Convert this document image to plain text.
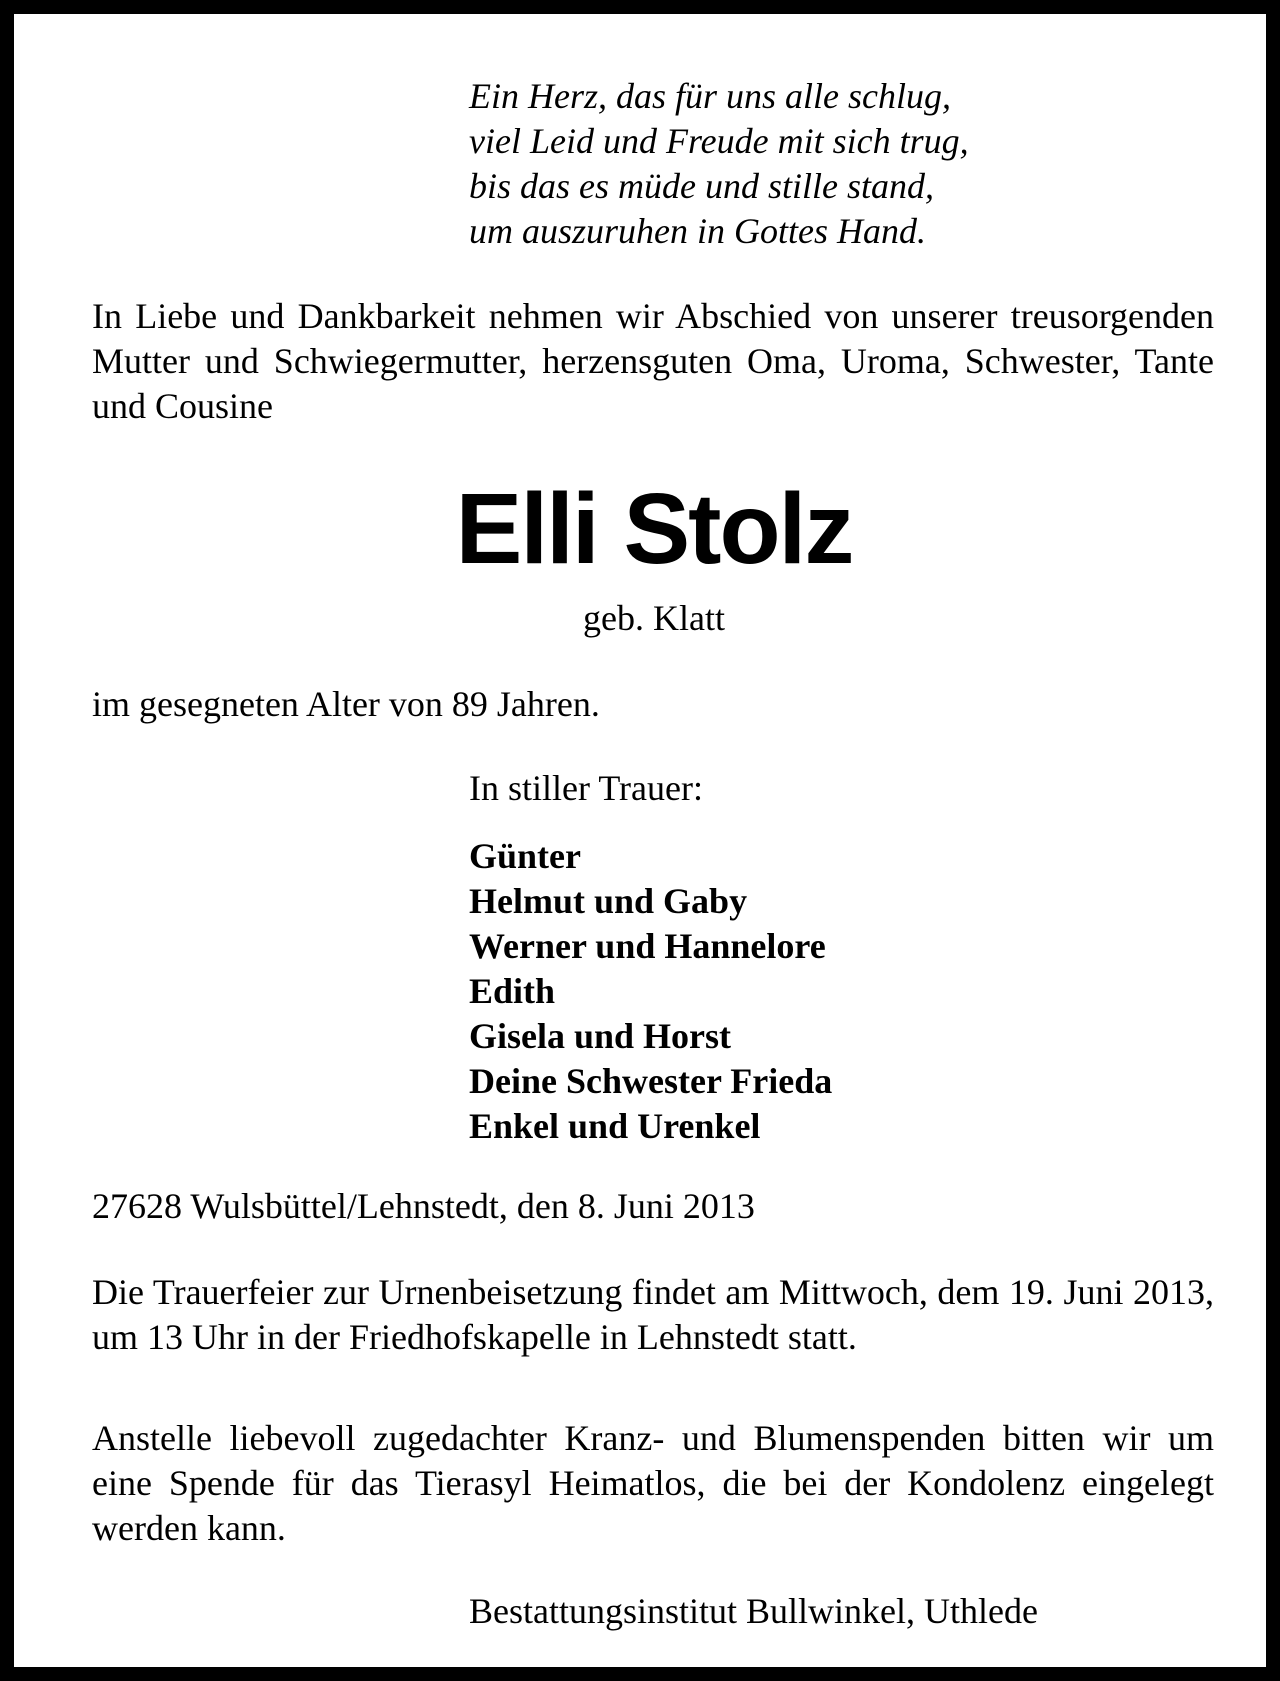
Ein Herz, das für uns alle schlug,
viel Leid und Freude mit sich trug,
bis das es müde und stille stand,
um auszuruhen in Gottes Hand.
In Liebe und Dankbarkeit nehmen wir Abschied von unserer treusorgenden Mutter und Schwiegermutter, herzensguten Oma, Uroma, Schwester, Tante und Cousine
Elli Stolz
geb. Klatt
im gesegneten Alter von 89 Jahren.
In stiller Trauer:
Günter
Helmut und Gaby
Werner und Hannelore
Edith
Gisela und Horst
Deine Schwester Frieda
Enkel und Urenkel
27628 Wulsbüttel/Lehnstedt, den 8. Juni 2013
Die Trauerfeier zur Urnenbeisetzung findet am Mittwoch, dem 19. Juni 2013, um 13 Uhr in der Friedhofskapelle in Lehnstedt statt.
Anstelle liebevoll zugedachter Kranz- und Blumenspenden bitten wir um eine Spende für das Tierasyl Heimatlos, die bei der Kondolenz eingelegt werden kann.
Bestattungsinstitut Bullwinkel, Uthlede
